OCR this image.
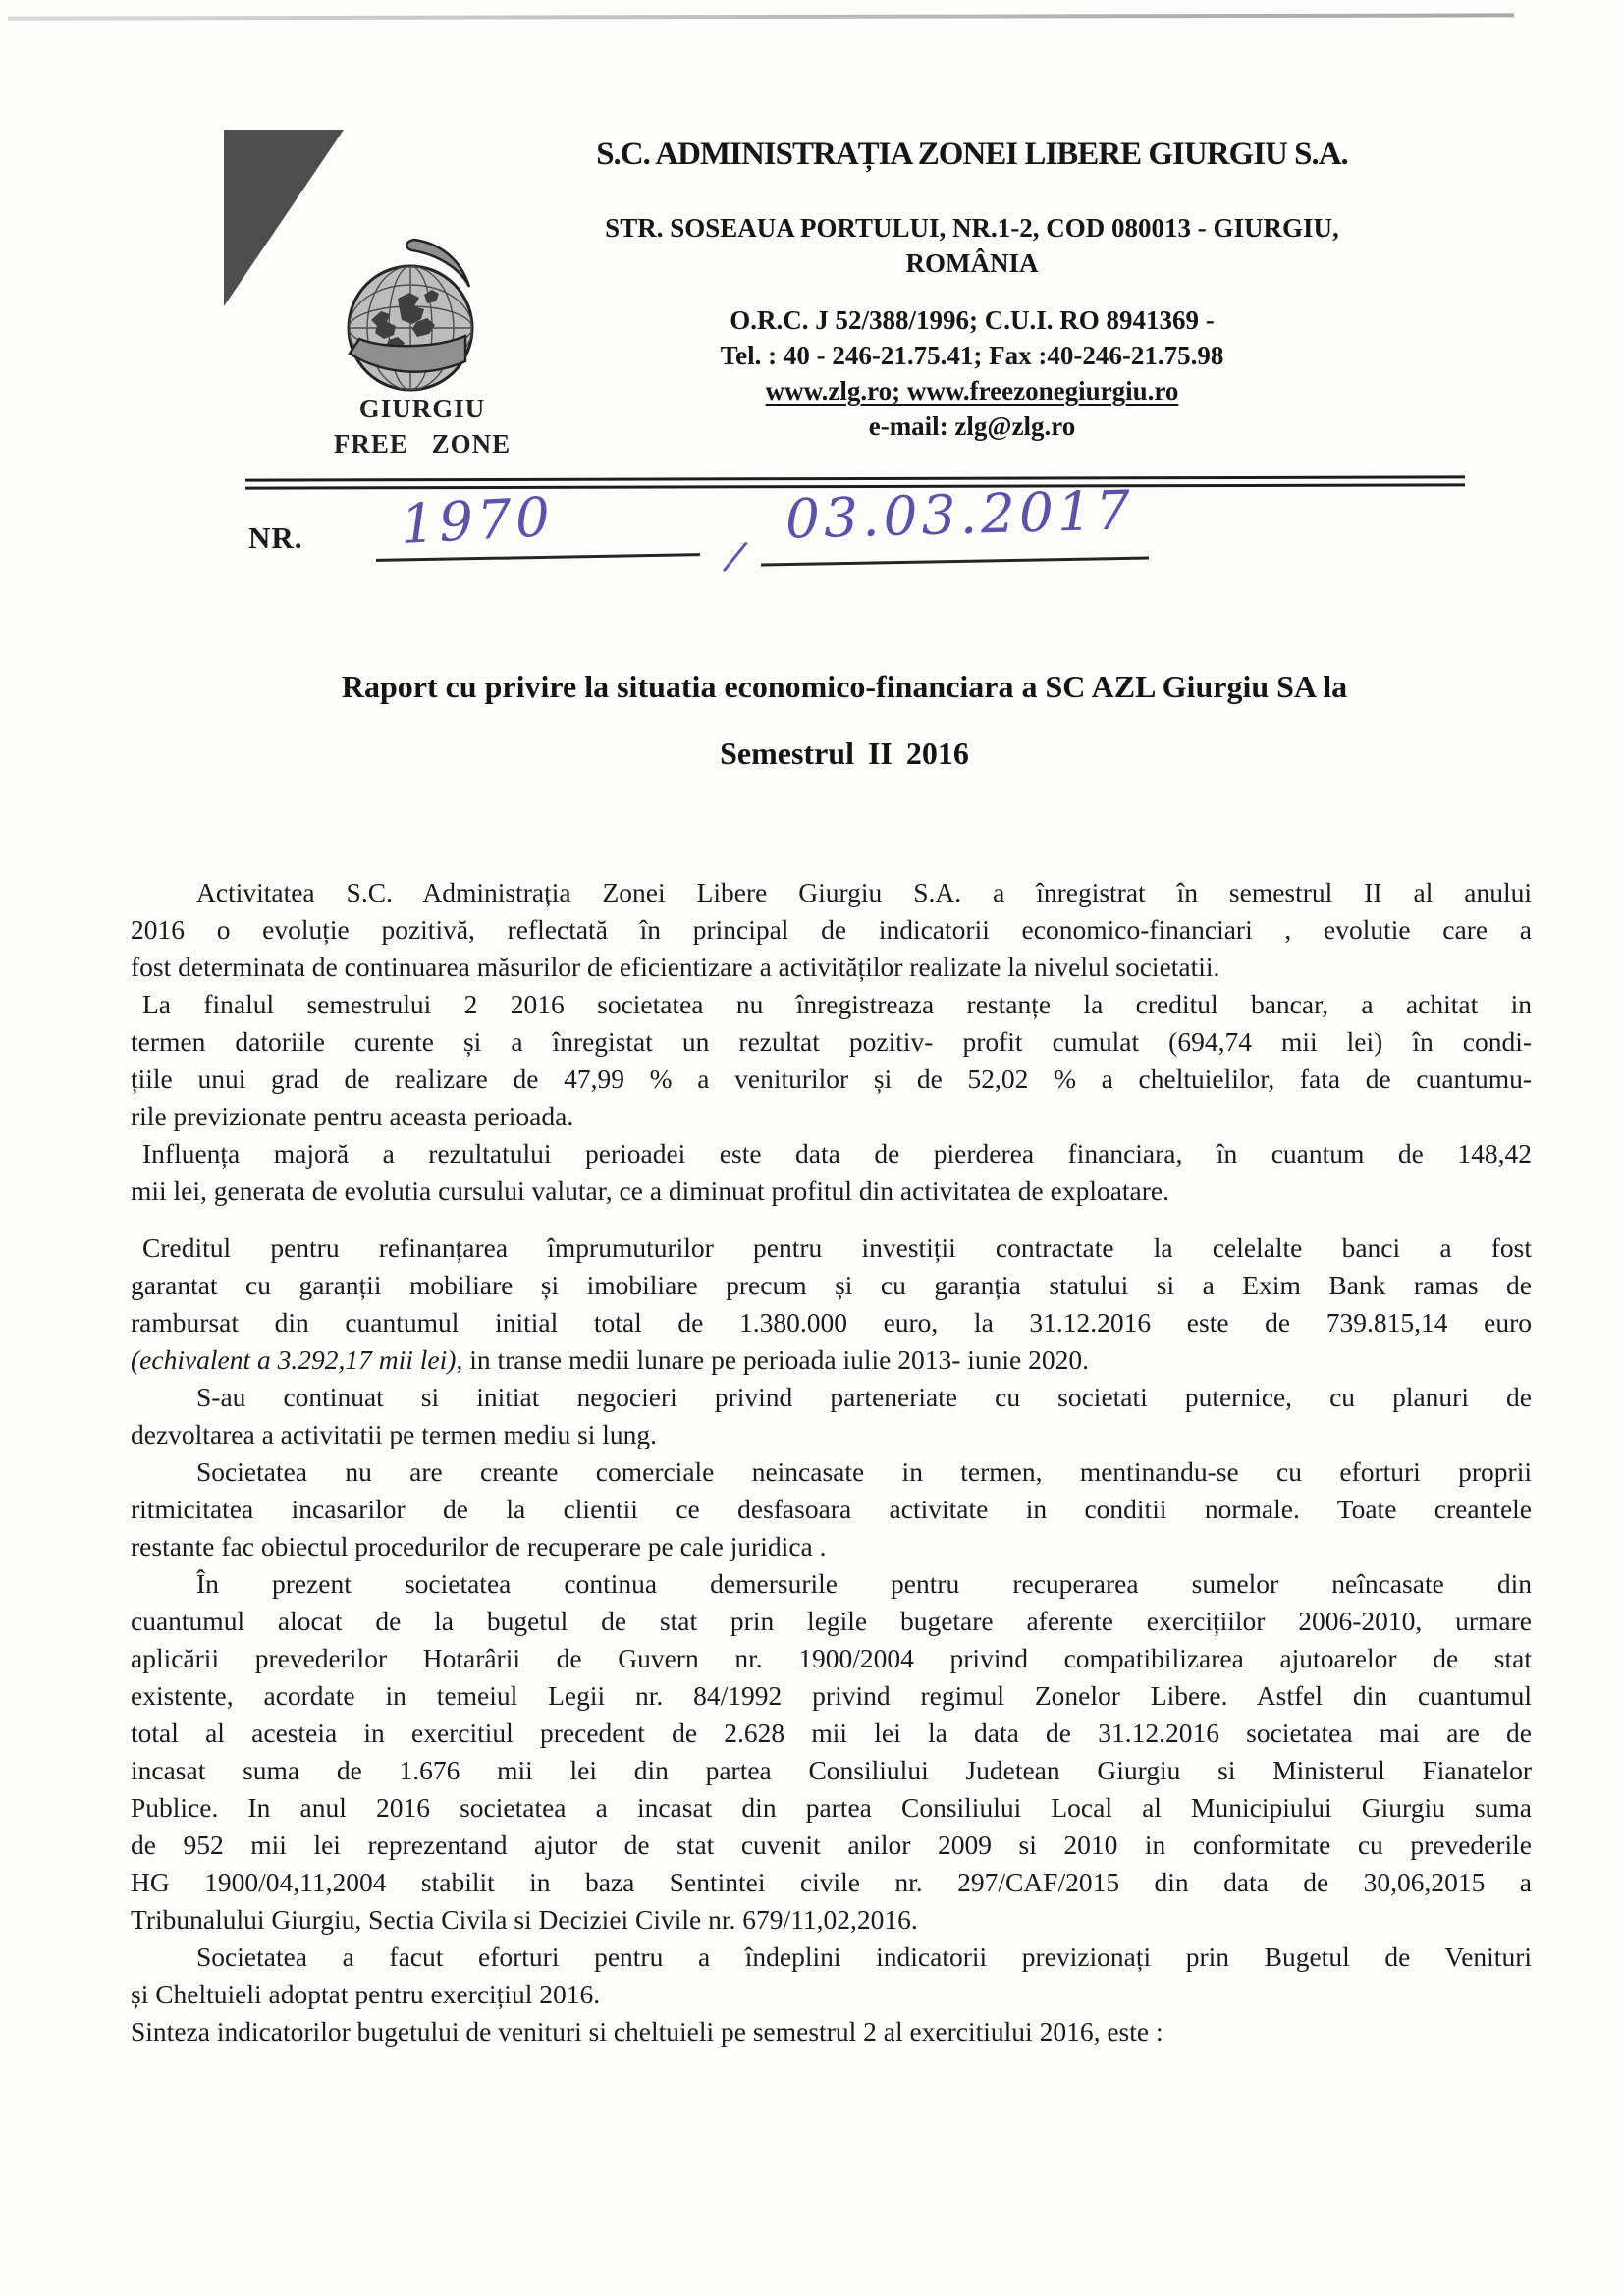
GIURGIU
FREE ZONE
S.C. ADMINISTRAȚIA ZONEI LIBERE GIURGIU S.A.
STR. SOSEAUA PORTULUI, NR.1-2, COD 080013 - GIURGIU,
ROMÂNIA
O.R.C. J 52/388/1996; C.U.I. RO 8941369 -
Tel. : 40 - 246-21.75.41; Fax :40-246-21.75.98
www.zlg.ro; www.freezonegiurgiu.ro
e-mail: zlg@zlg.ro
NR. 1970
/
03.03.2017
Raport cu privire la situatia economico-financiara a SC AZL Giurgiu SA la
Semestrul II 2016
Activitatea S.C. Administrația Zonei Libere Giurgiu S.A. a înregistrat în semestrul II al anului
2016 o evoluție pozitivă, reflectată în principal de indicatorii economico-financiari , evolutie care a
fost determinata de continuarea măsurilor de eficientizare a activităților realizate la nivelul societatii.
La finalul semestrului 2 2016 societatea nu înregistreaza restanțe la creditul bancar, a achitat in
termen datoriile curente și a înregistat un rezultat pozitiv- profit cumulat (694,74 mii lei) în condi-
țiile unui grad de realizare de 47,99 % a veniturilor și de 52,02 % a cheltuielilor, fata de cuantumu-
rile previzionate pentru aceasta perioada.
Influența majoră a rezultatului perioadei este data de pierderea financiara, în cuantum de 148,42
mii lei, generata de evolutia cursului valutar, ce a diminuat profitul din activitatea de exploatare.
Creditul pentru refinanțarea împrumuturilor pentru investiții contractate la celelalte banci a fost
garantat cu garanții mobiliare și imobiliare precum și cu garanția statului si a Exim Bank ramas de
rambursat din cuantumul initial total de 1.380.000 euro, la 31.12.2016 este de 739.815,14 euro
(echivalent a 3.292,17 mii lei), in transe medii lunare pe perioada iulie 2013- iunie 2020.
S-au continuat si initiat negocieri privind parteneriate cu societati puternice, cu planuri de
dezvoltarea a activitatii pe termen mediu si lung.
Societatea nu are creante comerciale neincasate in termen, mentinandu-se cu eforturi proprii
ritmicitatea incasarilor de la clientii ce desfasoara activitate in conditii normale. Toate creantele
restante fac obiectul procedurilor de recuperare pe cale juridica .
În prezent societatea continua demersurile pentru recuperarea sumelor neîncasate din
cuantumul alocat de la bugetul de stat prin legile bugetare aferente exercițiilor 2006-2010, urmare
aplicării prevederilor Hotarârii de Guvern nr. 1900/2004 privind compatibilizarea ajutoarelor de stat
existente, acordate in temeiul Legii nr. 84/1992 privind regimul Zonelor Libere. Astfel din cuantumul
total al acesteia in exercitiul precedent de 2.628 mii lei la data de 31.12.2016 societatea mai are de
incasat suma de 1.676 mii lei din partea Consiliului Judetean Giurgiu si Ministerul Fianatelor
Publice. In anul 2016 societatea a incasat din partea Consiliului Local al Municipiului Giurgiu suma
de 952 mii lei reprezentand ajutor de stat cuvenit anilor 2009 si 2010 in conformitate cu prevederile
HG 1900/04,11,2004 stabilit in baza Sentintei civile nr. 297/CAF/2015 din data de 30,06,2015 a
Tribunalului Giurgiu, Sectia Civila si Deciziei Civile nr. 679/11,02,2016.
Societatea a facut eforturi pentru a îndeplini indicatorii previzionați prin Bugetul de Venituri
și Cheltuieli adoptat pentru exercițiul 2016.
Sinteza indicatorilor bugetului de venituri si cheltuieli pe semestrul 2 al exercitiului 2016, este :
